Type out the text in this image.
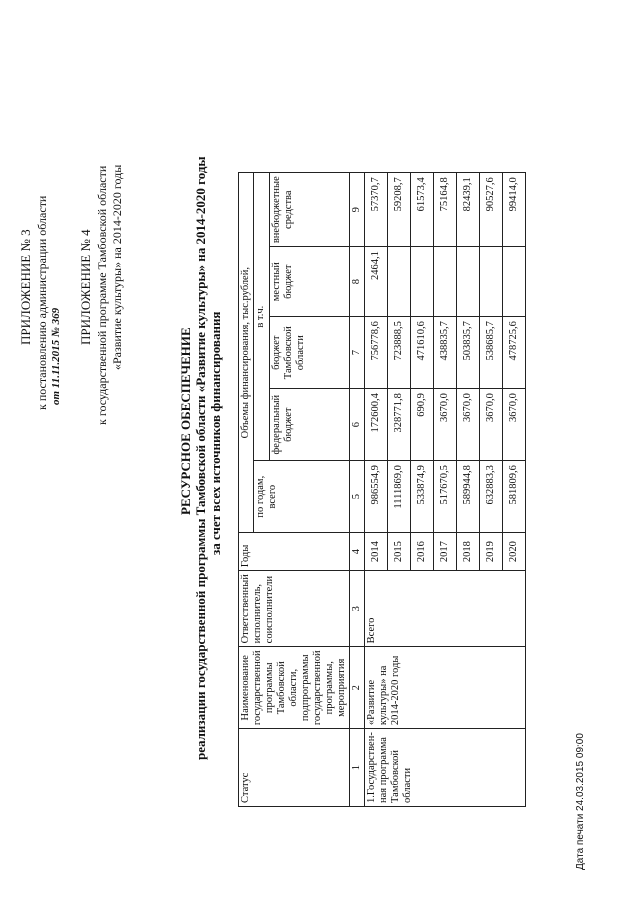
ПРИЛОЖЕНИЕ № 3 к постановлению администрации области от 11.11.2015 № 369
ПРИЛОЖЕНИЕ № 4 к государственной программе Тамбовской области «Развитие культуры» на 2014-2020 годы
РЕСУРСНОЕ ОБЕСПЕЧЕНИЕ реализации государственной программы Тамбовской области «Развитие культуры» на 2014-2020 годы за счет всех источников финансирования
Статус	Наименование государственной программы Тамбовской области, подпрограммы государственной программы, мероприятия	Ответственный исполнитель, соисполнители	Годы	Объемы финансирования, тыс.рублей,				
				по годам, всего	в т.ч.			
					федеральный бюджет	бюджет Тамбовской области	местный бюджет	внебюджетные средства
1	2	3	4	5	6	7	8	9
1.Государствен-ная программа Тамбовской области	«Развитие культуры» на 2014-2020 годы	Всего	2014	986554,9	172600,4	756778,6	2464,1	57370,7
			2015	1111869,0	328771,8	723888,5		59208,7
			2016	533874,9	690,9	471610,6		61573,4
			2017	517670,5	3670,0	438835,7		75164,8
			2018	589944,8	3670,0	503835,7		82439,1
			2019	632883,3	3670,0	538685,7		90527,6
			2020	581809,6	3670,0	478725,6		99414,0
Дата печати 24.03.2015 09:00
